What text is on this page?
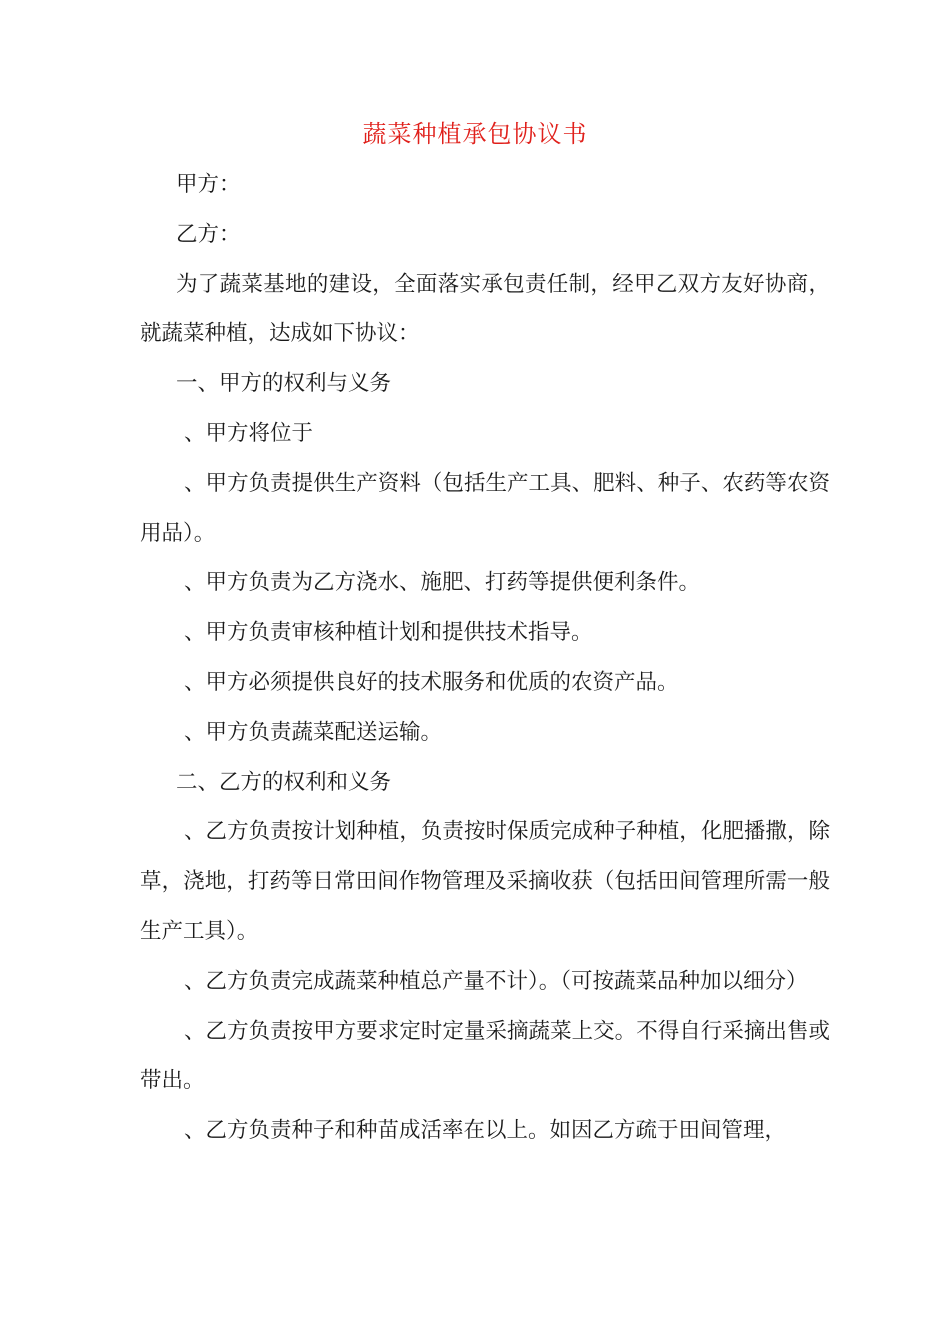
蔬菜种植承包协议书

甲方：

乙方：

为了蔬菜基地的建设，全面落实承包责任制，经甲乙双方友好协商，就蔬菜种植，达成如下协议：

一、甲方的权利与义务

、甲方将位于

、甲方负责提供生产资料（包括生产工具、肥料、种子、农药等农资用品）。

、甲方负责为乙方浇水、施肥、打药等提供便利条件。

、甲方负责审核种植计划和提供技术指导。

、甲方必须提供良好的技术服务和优质的农资产品。

、甲方负责蔬菜配送运输。

二、乙方的权利和义务

、乙方负责按计划种植，负责按时保质完成种子种植，化肥播撒，除草，浇地，打药等日常田间作物管理及采摘收获（包括田间管理所需一般生产工具）。

、乙方负责完成蔬菜种植总产量不计）。（可按蔬菜品种加以细分）

、乙方负责按甲方要求定时定量采摘蔬菜上交。不得自行采摘出售或带出。

、乙方负责种子和种苗成活率在以上。如因乙方疏于田间管理，
